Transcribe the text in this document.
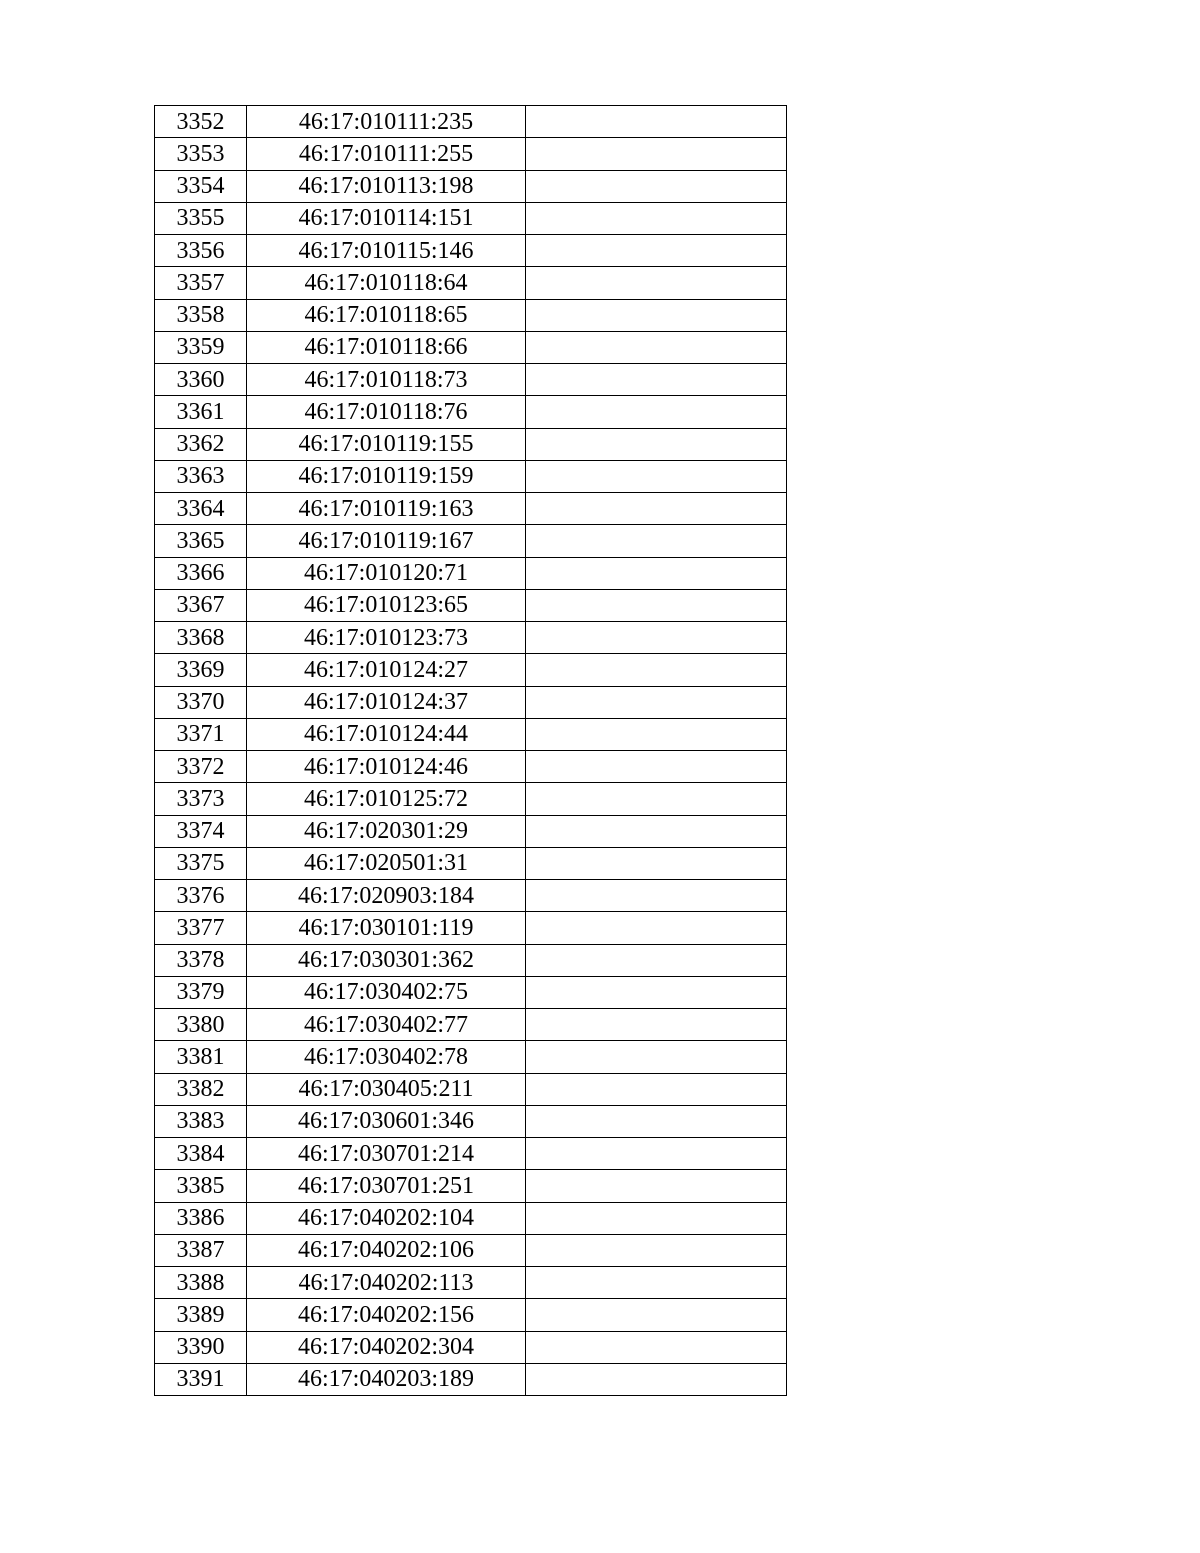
3352	46:17:010111:235	
3353	46:17:010111:255	
3354	46:17:010113:198	
3355	46:17:010114:151	
3356	46:17:010115:146	
3357	46:17:010118:64	
3358	46:17:010118:65	
3359	46:17:010118:66	
3360	46:17:010118:73	
3361	46:17:010118:76	
3362	46:17:010119:155	
3363	46:17:010119:159	
3364	46:17:010119:163	
3365	46:17:010119:167	
3366	46:17:010120:71	
3367	46:17:010123:65	
3368	46:17:010123:73	
3369	46:17:010124:27	
3370	46:17:010124:37	
3371	46:17:010124:44	
3372	46:17:010124:46	
3373	46:17:010125:72	
3374	46:17:020301:29	
3375	46:17:020501:31	
3376	46:17:020903:184	
3377	46:17:030101:119	
3378	46:17:030301:362	
3379	46:17:030402:75	
3380	46:17:030402:77	
3381	46:17:030402:78	
3382	46:17:030405:211	
3383	46:17:030601:346	
3384	46:17:030701:214	
3385	46:17:030701:251	
3386	46:17:040202:104	
3387	46:17:040202:106	
3388	46:17:040202:113	
3389	46:17:040202:156	
3390	46:17:040202:304	
3391	46:17:040203:189	
